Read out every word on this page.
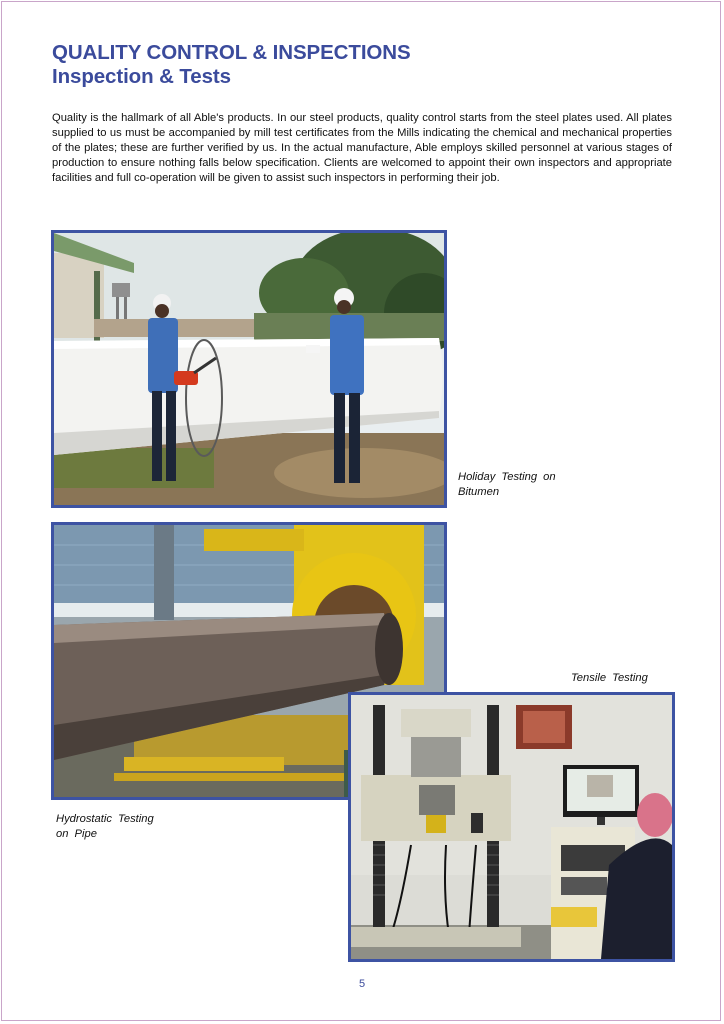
QUALITY CONTROL & INSPECTIONS
Inspection & Tests

Quality is the hallmark of all Able's products. In our steel products, quality control starts from the steel plates used. All plates supplied to us must be accompanied by mill test certificates from the Mills indicating the chemical and mechanical properties of the plates; these are further verified by us. In the actual manufacture, Able employs skilled personnel at various stages of production to ensure nothing falls below specification. Clients are welcomed to appoint their own inspectors and appropriate facilities and full co-operation will be given to assist such inspectors in performing their job.

Holiday Testing on
Bitumen
Hydrostatic Testing
on Pipe
Tensile Testing
5
